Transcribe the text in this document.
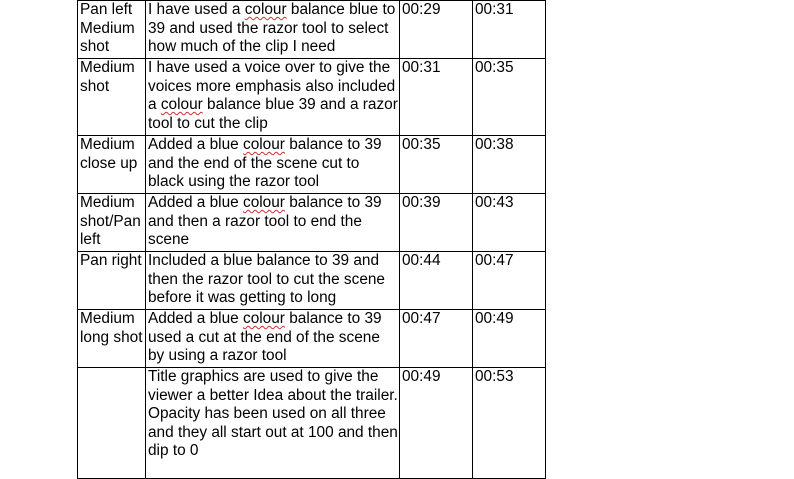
Pan left Medium shot	I have used a colour balance blue to 39 and used the razor tool to select how much of the clip I need	00:29	00:31
Medium shot	I have used a voice over to give the voices more emphasis also included a colour balance blue 39 and a razor tool to cut the clip	00:31	00:35
Medium close up	Added a blue colour balance to 39 and the end of the scene cut to black using the razor tool	00:35	00:38
Medium shot/Pan left	Added a blue colour balance to 39 and then a razor tool to end the scene	00:39	00:43
Pan right	Included a blue balance to 39 and then the razor tool to cut the scene before it was getting to long	00:44	00:47
Medium long shot	Added a blue colour balance to 39 used a cut at the end of the scene by using a razor tool	00:47	00:49
	Title graphics are used to give the viewer a better Idea about the trailer. Opacity has been used on all three and they all start out at 100 and then dip to 0	00:49	00:53
